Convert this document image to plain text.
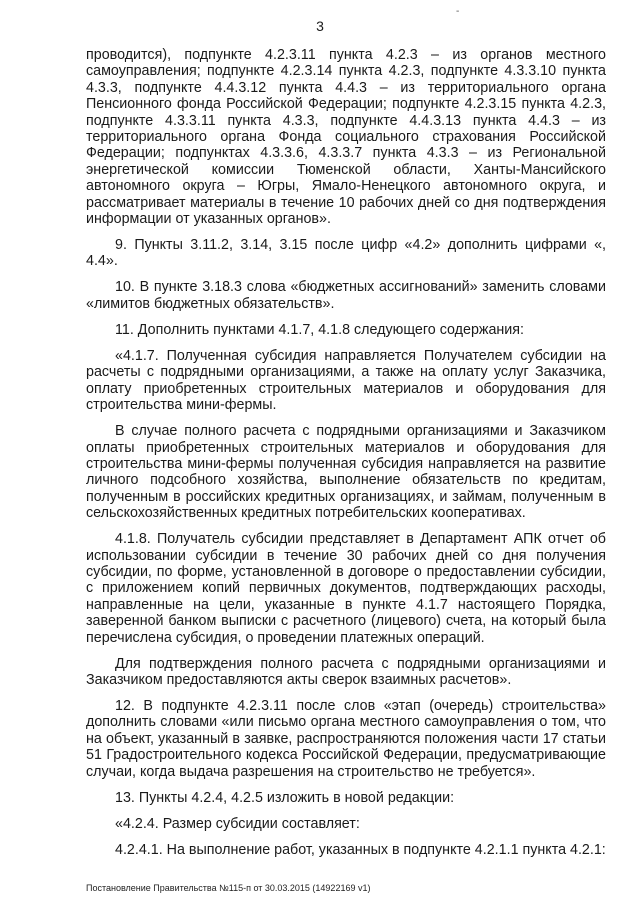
-
3

проводится), подпункте 4.2.3.11 пункта 4.2.3 – из органов местного самоуправления; подпункте 4.2.3.14 пункта 4.2.3, подпункте 4.3.3.10 пункта 4.3.3, подпункте 4.4.3.12 пункта 4.4.3 – из территориального органа Пенсионного фонда Российской Федерации; подпункте 4.2.3.15 пункта 4.2.3, подпункте 4.3.3.11 пункта 4.3.3, подпункте 4.4.3.13 пункта 4.4.3 – из территориального органа Фонда социального страхования Российской Федерации; подпунктах 4.3.3.6, 4.3.3.7 пункта 4.3.3 – из Региональной энергетической комиссии Тюменской области, Ханты-Мансийского автономного округа – Югры, Ямало-Ненецкого автономного округа, и рассматривает материалы в течение 10 рабочих дней со дня подтверждения информации от указанных органов».

9. Пункты 3.11.2, 3.14, 3.15 после цифр «4.2» дополнить цифрами «, 4.4».

10. В пункте 3.18.3 слова «бюджетных ассигнований» заменить словами «лимитов бюджетных обязательств».

11. Дополнить пунктами 4.1.7, 4.1.8 следующего содержания:

«4.1.7. Полученная субсидия направляется Получателем субсидии на расчеты с подрядными организациями, а также на оплату услуг Заказчика, оплату приобретенных строительных материалов и оборудования для строительства мини-фермы.

В случае полного расчета с подрядными организациями и Заказчиком оплаты приобретенных строительных материалов и оборудования для строительства мини-фермы полученная субсидия направляется на развитие личного подсобного хозяйства, выполнение обязательств по кредитам, полученным в российских кредитных организациях, и займам, полученным в сельскохозяйственных кредитных потребительских кооперативах.

4.1.8. Получатель субсидии представляет в Департамент АПК отчет об использовании субсидии в течение 30 рабочих дней со дня получения субсидии, по форме, установленной в договоре о предоставлении субсидии, с приложением копий первичных документов, подтверждающих расходы, направленные на цели, указанные в пункте 4.1.7 настоящего Порядка, заверенной банком выписки с расчетного (лицевого) счета, на который была перечислена субсидия, о проведении платежных операций.

Для подтверждения полного расчета с подрядными организациями и Заказчиком предоставляются акты сверок взаимных расчетов».

12. В подпункте 4.2.3.11 после слов «этап (очередь) строительства» дополнить словами «или письмо органа местного самоуправления о том, что на объект, указанный в заявке, распространяются положения части 17 статьи 51 Градостроительного кодекса Российской Федерации, предусматривающие случаи, когда выдача разрешения на строительство не требуется».

13. Пункты 4.2.4, 4.2.5 изложить в новой редакции:

«4.2.4. Размер субсидии составляет:

4.2.4.1. На выполнение работ, указанных в подпункте 4.2.1.1 пункта 4.2.1:

Постановление Правительства №115-п от 30.03.2015 (14922169 v1)
